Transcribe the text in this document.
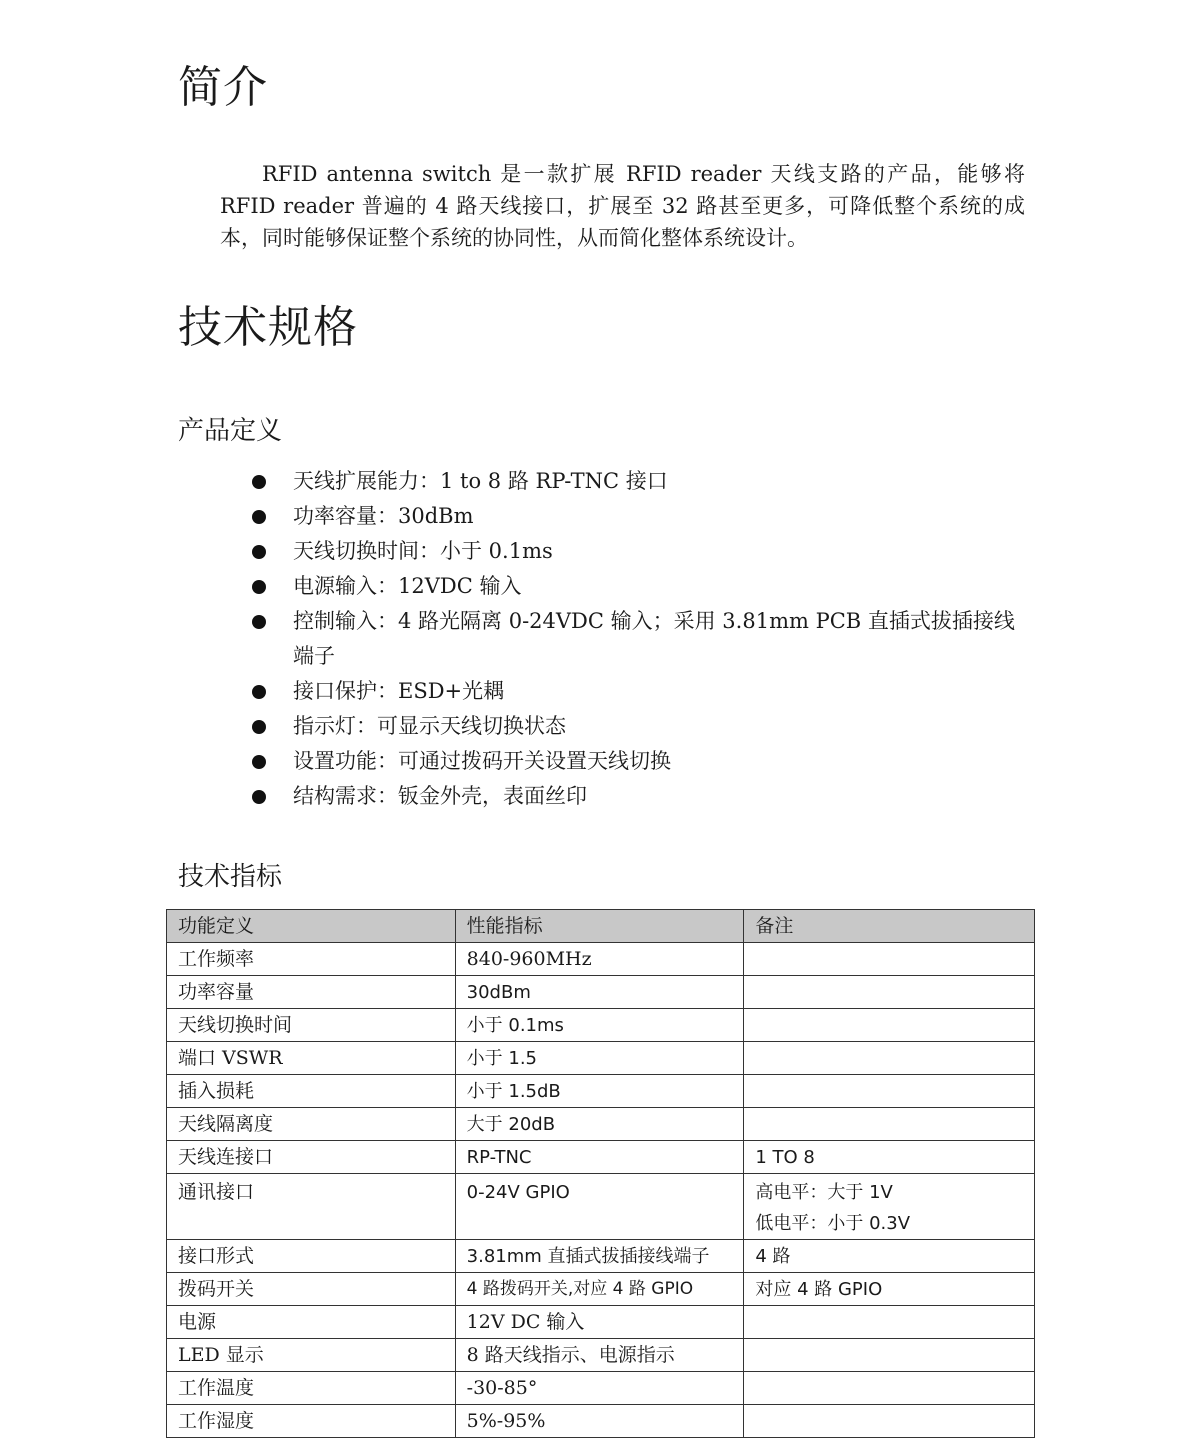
简介

RFID antenna switch 是一款扩展 RFID reader 天线支路的产品，能够将 RFID reader 普遍的 4 路天线接口，扩展至 32 路甚至更多，可降低整个系统的成本，同时能够保证整个系统的协同性，从而简化整体系统设计。

技术规格
产品定义
天线扩展能力：1 to 8 路 RP-TNC 接口
功率容量：30dBm
天线切换时间：小于 0.1ms
电源输入：12VDC 输入
控制输入：4 路光隔离 0-24VDC 输入；采用 3.81mm PCB 直插式拔插接线端子
接口保护：ESD+光耦
指示灯：可显示天线切换状态
设置功能：可通过拨码开关设置天线切换
结构需求：钣金外壳，表面丝印
技术指标
功能定义	性能指标	备注
工作频率	840-960MHz	
功率容量	30dBm	
天线切换时间	小于 0.1ms	
端口 VSWR	小于 1.5	
插入损耗	小于 1.5dB	
天线隔离度	大于 20dB	
天线连接口	RP-TNC	1 TO 8
通讯接口	0-24V GPIO	高电平：大于 1V
低电平：小于 0.3V

接口形式	3.81mm 直插式拔插接线端子	4 路
拨码开关	4 路拨码开关,对应 4 路 GPIO	对应 4 路 GPIO
电源	12V DC 输入	
LED 显示	8 路天线指示、电源指示	
工作温度	-30-85°	
工作湿度	5%-95%	
